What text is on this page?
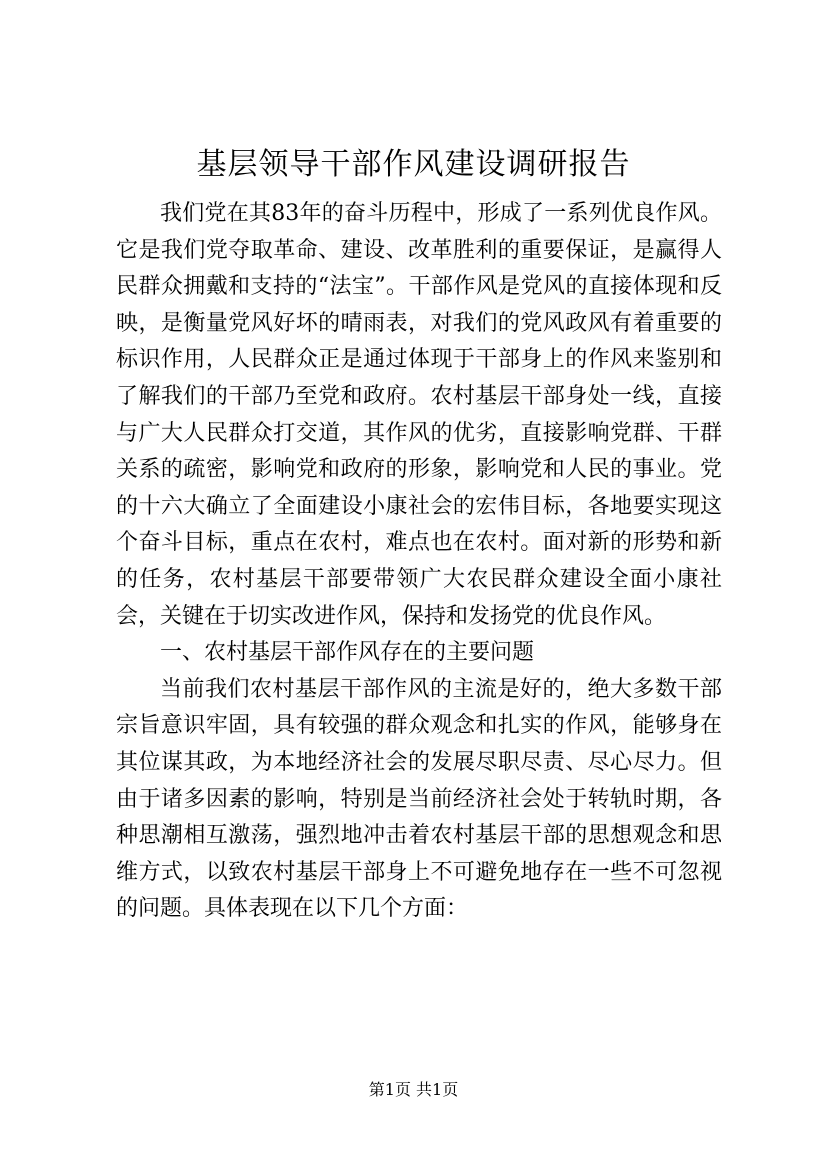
基层领导干部作风建设调研报告

我们党在其83年的奋斗历程中，形成了一系列优良作风。它是我们党夺取革命、建设、改革胜利的重要保证，是赢得人民群众拥戴和支持的“法宝”。干部作风是党风的直接体现和反映，是衡量党风好坏的晴雨表，对我们的党风政风有着重要的标识作用，人民群众正是通过体现于干部身上的作风来鉴别和了解我们的干部乃至党和政府。农村基层干部身处一线，直接与广大人民群众打交道，其作风的优劣，直接影响党群、干群关系的疏密，影响党和政府的形象，影响党和人民的事业。党的十六大确立了全面建设小康社会的宏伟目标，各地要实现这个奋斗目标，重点在农村，难点也在农村。面对新的形势和新的任务，农村基层干部要带领广大农民群众建设全面小康社会，关键在于切实改进作风，保持和发扬党的优良作风。

一、农村基层干部作风存在的主要问题

当前我们农村基层干部作风的主流是好的，绝大多数干部宗旨意识牢固，具有较强的群众观念和扎实的作风，能够身在其位谋其政，为本地经济社会的发展尽职尽责、尽心尽力。但由于诸多因素的影响，特别是当前经济社会处于转轨时期，各种思潮相互激荡，强烈地冲击着农村基层干部的思想观念和思维方式，以致农村基层干部身上不可避免地存在一些不可忽视的问题。具体表现在以下几个方面：

第1页 共1页
